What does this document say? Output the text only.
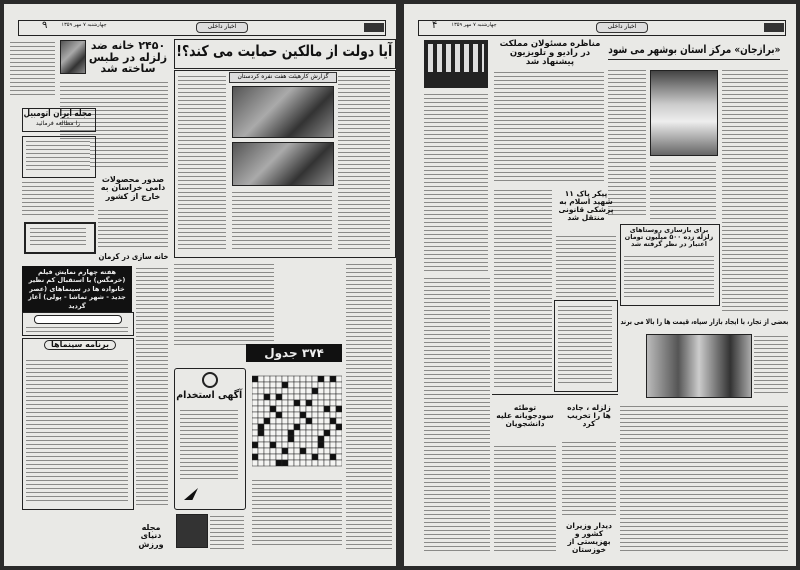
۹	چهارشنبه ۷ مهر ۱۳۵۹	اخبار داخلی
۲۴۵۰ خانه ضد زلزله در طبس ساخته شد
آیا دولت از مالکین حمایت می کند؟!
گزارش کارهیئت هفت نفره کردستان
مجله ایران اتومبیل
را مطالعه فرمائید
صدور محصولات دامی خراسان به خارج از کشور
خانه سازی در کرمان
هفته چهارم نمایش فیلم (خرمگس) با استقبال کم نظیر خانواده ها در سینماهای (عصر جدید - شهر تماشا - پولی) آغاز گردید
برنامه سینماها
۳۷۴ جدول
آگهی استخدام
مجله دنیای ورزش
۴	چهارشنبه ۷ مهر ۱۳۵۹	اخبار داخلی
مناظره مسئولان مملکت در رادیو و تلویزیون پیشنهاد شد
«برازجان» مرکز استان بوشهر می شود
پیکر پاک ۱۱ شهید اسلام به پزشکی قانونی منتقل شد
برای بازسازی روستاهای زلزله زده ۵۰۰ میلیون تومان اعتبار در نظر گرفته شد
بعضی از تجار، با ایجاد بازار سیاه، قیمت ها را بالا می برند
توطئه سودجویانه علیه دانشجویان
زلزله ، جاده ها را تخریب کرد
دیدار وزیران کشور و بهزیستی از خوزستان
